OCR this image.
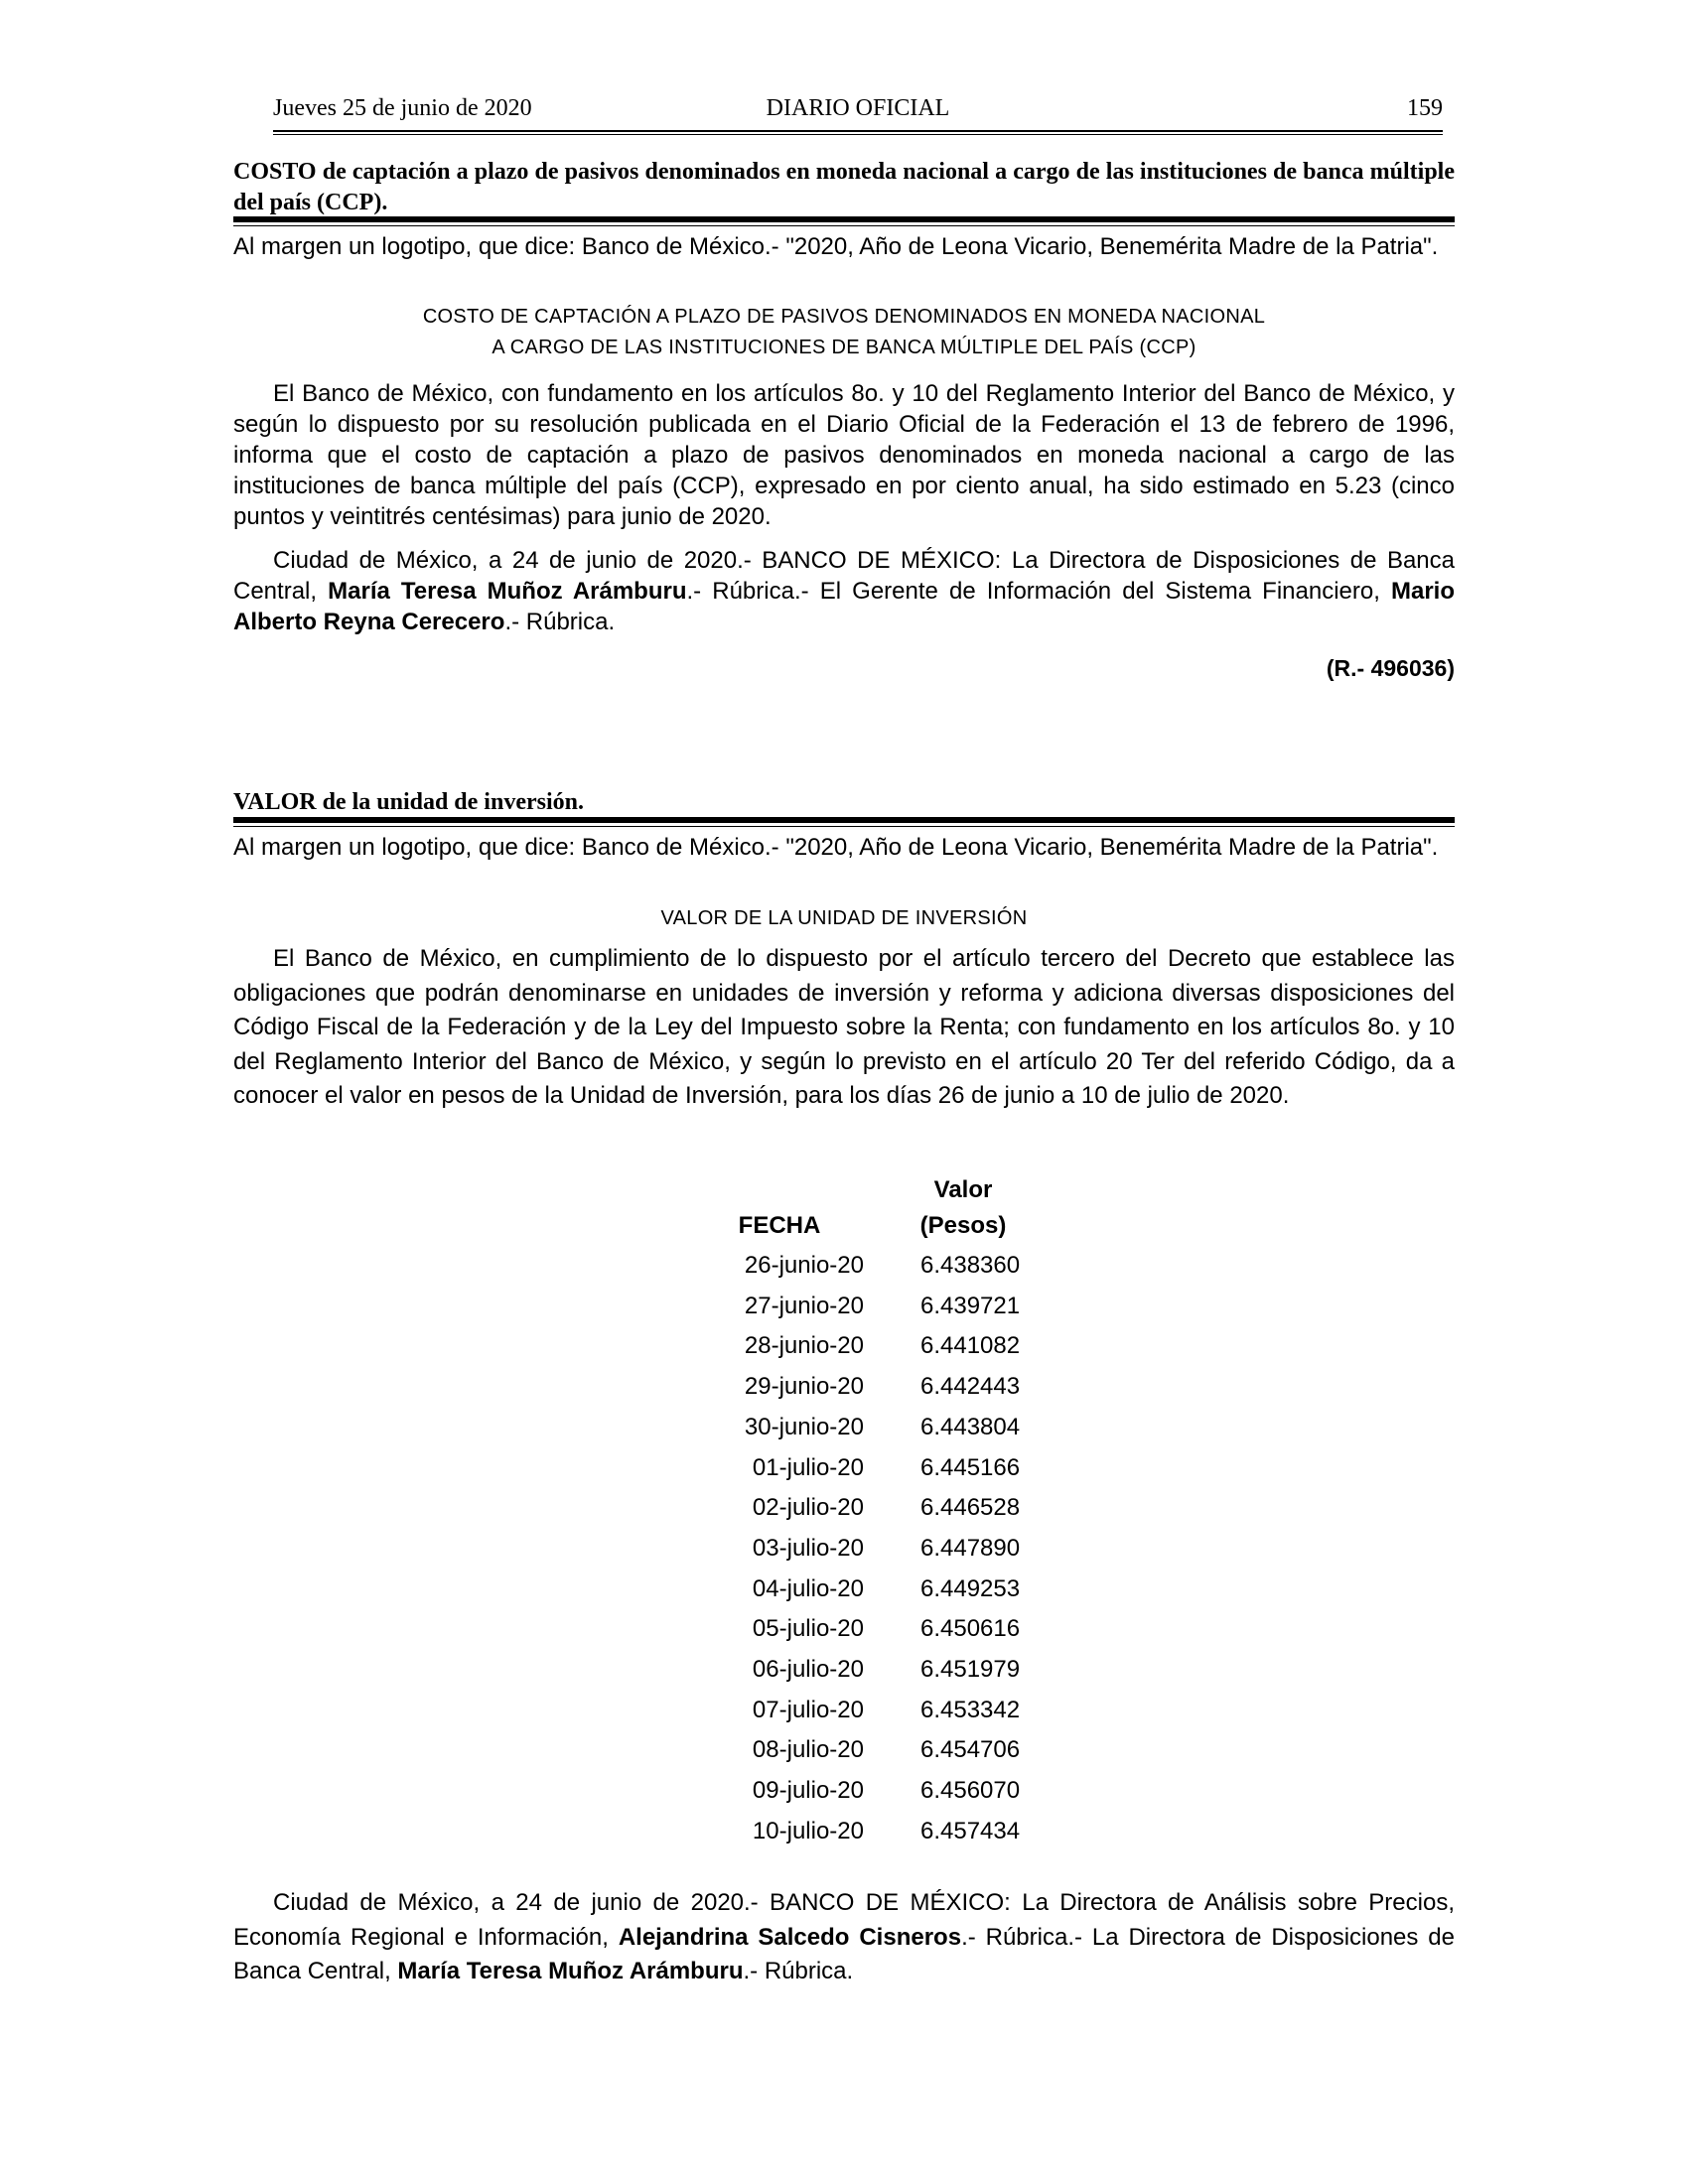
Jueves 25 de junio de 2020	DIARIO OFICIAL	159
COSTO de captación a plazo de pasivos denominados en moneda nacional a cargo de las instituciones de banca múltiple del país (CCP).
Al margen un logotipo, que dice: Banco de México.- "2020, Año de Leona Vicario, Benemérita Madre de la Patria".
COSTO DE CAPTACIÓN A PLAZO DE PASIVOS DENOMINADOS EN MONEDA NACIONAL
A CARGO DE LAS INSTITUCIONES DE BANCA MÚLTIPLE DEL PAÍS (CCP)
El Banco de México, con fundamento en los artículos 8o. y 10 del Reglamento Interior del Banco de México, y según lo dispuesto por su resolución publicada en el Diario Oficial de la Federación el 13 de febrero de 1996, informa que el costo de captación a plazo de pasivos denominados en moneda nacional a cargo de las instituciones de banca múltiple del país (CCP), expresado en por ciento anual, ha sido estimado en 5.23 (cinco puntos y veintitrés centésimas) para junio de 2020.
Ciudad de México, a 24 de junio de 2020.- BANCO DE MÉXICO: La Directora de Disposiciones de Banca Central, María Teresa Muñoz Arámburu.- Rúbrica.- El Gerente de Información del Sistema Financiero, Mario Alberto Reyna Cerecero.- Rúbrica.
(R.- 496036)
VALOR de la unidad de inversión.
Al margen un logotipo, que dice: Banco de México.- "2020, Año de Leona Vicario, Benemérita Madre de la Patria".
VALOR DE LA UNIDAD DE INVERSIÓN
El Banco de México, en cumplimiento de lo dispuesto por el artículo tercero del Decreto que establece las obligaciones que podrán denominarse en unidades de inversión y reforma y adiciona diversas disposiciones del Código Fiscal de la Federación y de la Ley del Impuesto sobre la Renta; con fundamento en los artículos 8o. y 10 del Reglamento Interior del Banco de México, y según lo previsto en el artículo 20 Ter del referido Código, da a conocer el valor en pesos de la Unidad de Inversión, para los días 26 de junio a 10 de julio de 2020.
Valor
FECHA	(Pesos)
26-junio-20 6.438360
27-junio-20 6.439721
28-junio-20 6.441082
29-junio-20 6.442443
30-junio-20 6.443804
01-julio-20 6.445166
02-julio-20 6.446528
03-julio-20 6.447890
04-julio-20 6.449253
05-julio-20 6.450616
06-julio-20 6.451979
07-julio-20 6.453342
08-julio-20 6.454706
09-julio-20 6.456070
10-julio-20 6.457434
Ciudad de México, a 24 de junio de 2020.- BANCO DE MÉXICO: La Directora de Análisis sobre Precios, Economía Regional e Información, Alejandrina Salcedo Cisneros.- Rúbrica.- La Directora de Disposiciones de Banca Central, María Teresa Muñoz Arámburu.- Rúbrica.
